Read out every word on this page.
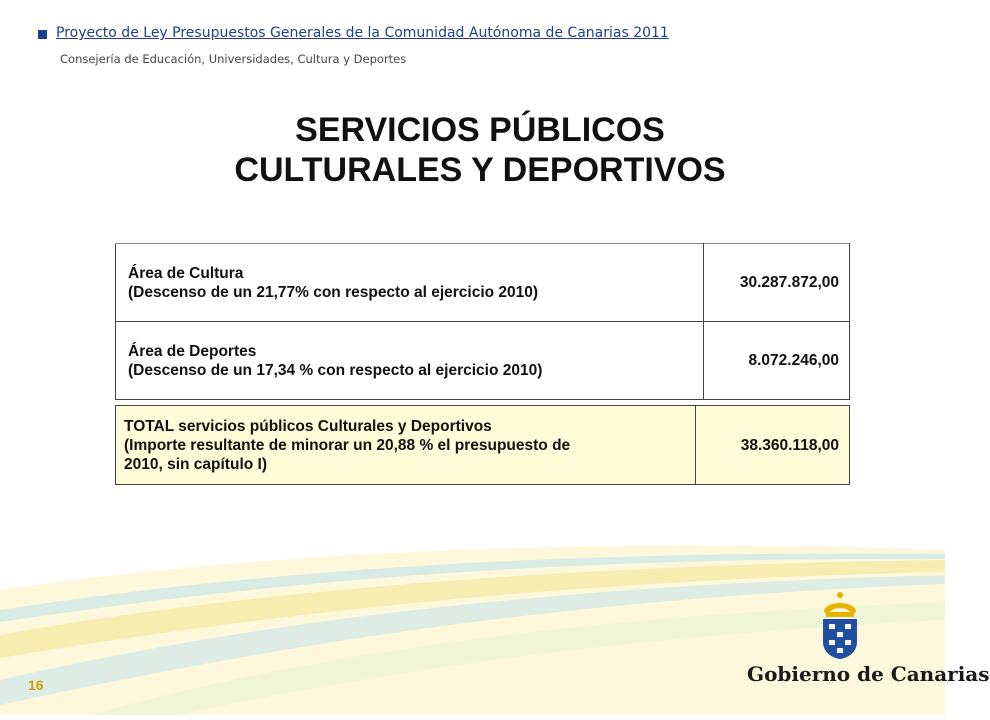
Proyecto de Ley Presupuestos Generales de la Comunidad Autónoma de Canarias 2011
Consejería de Educación, Universidades, Cultura y Deportes
SERVICIOS PÚBLICOS
CULTURALES Y DEPORTIVOS
Área de Cultura
(Descenso de un 21,77% con respecto al ejercicio 2010)	30.287.872,00

Área de Deportes
(Descenso de un 17,34 % con respecto al ejercicio 2010)	8.072.246,00
TOTAL servicios públicos Culturales y Deportivos
(Importe resultante de minorar un 20,88 % el presupuesto de
2010, sin capítulo I)
	38.360.118,00
16	Gobierno de Canarias
